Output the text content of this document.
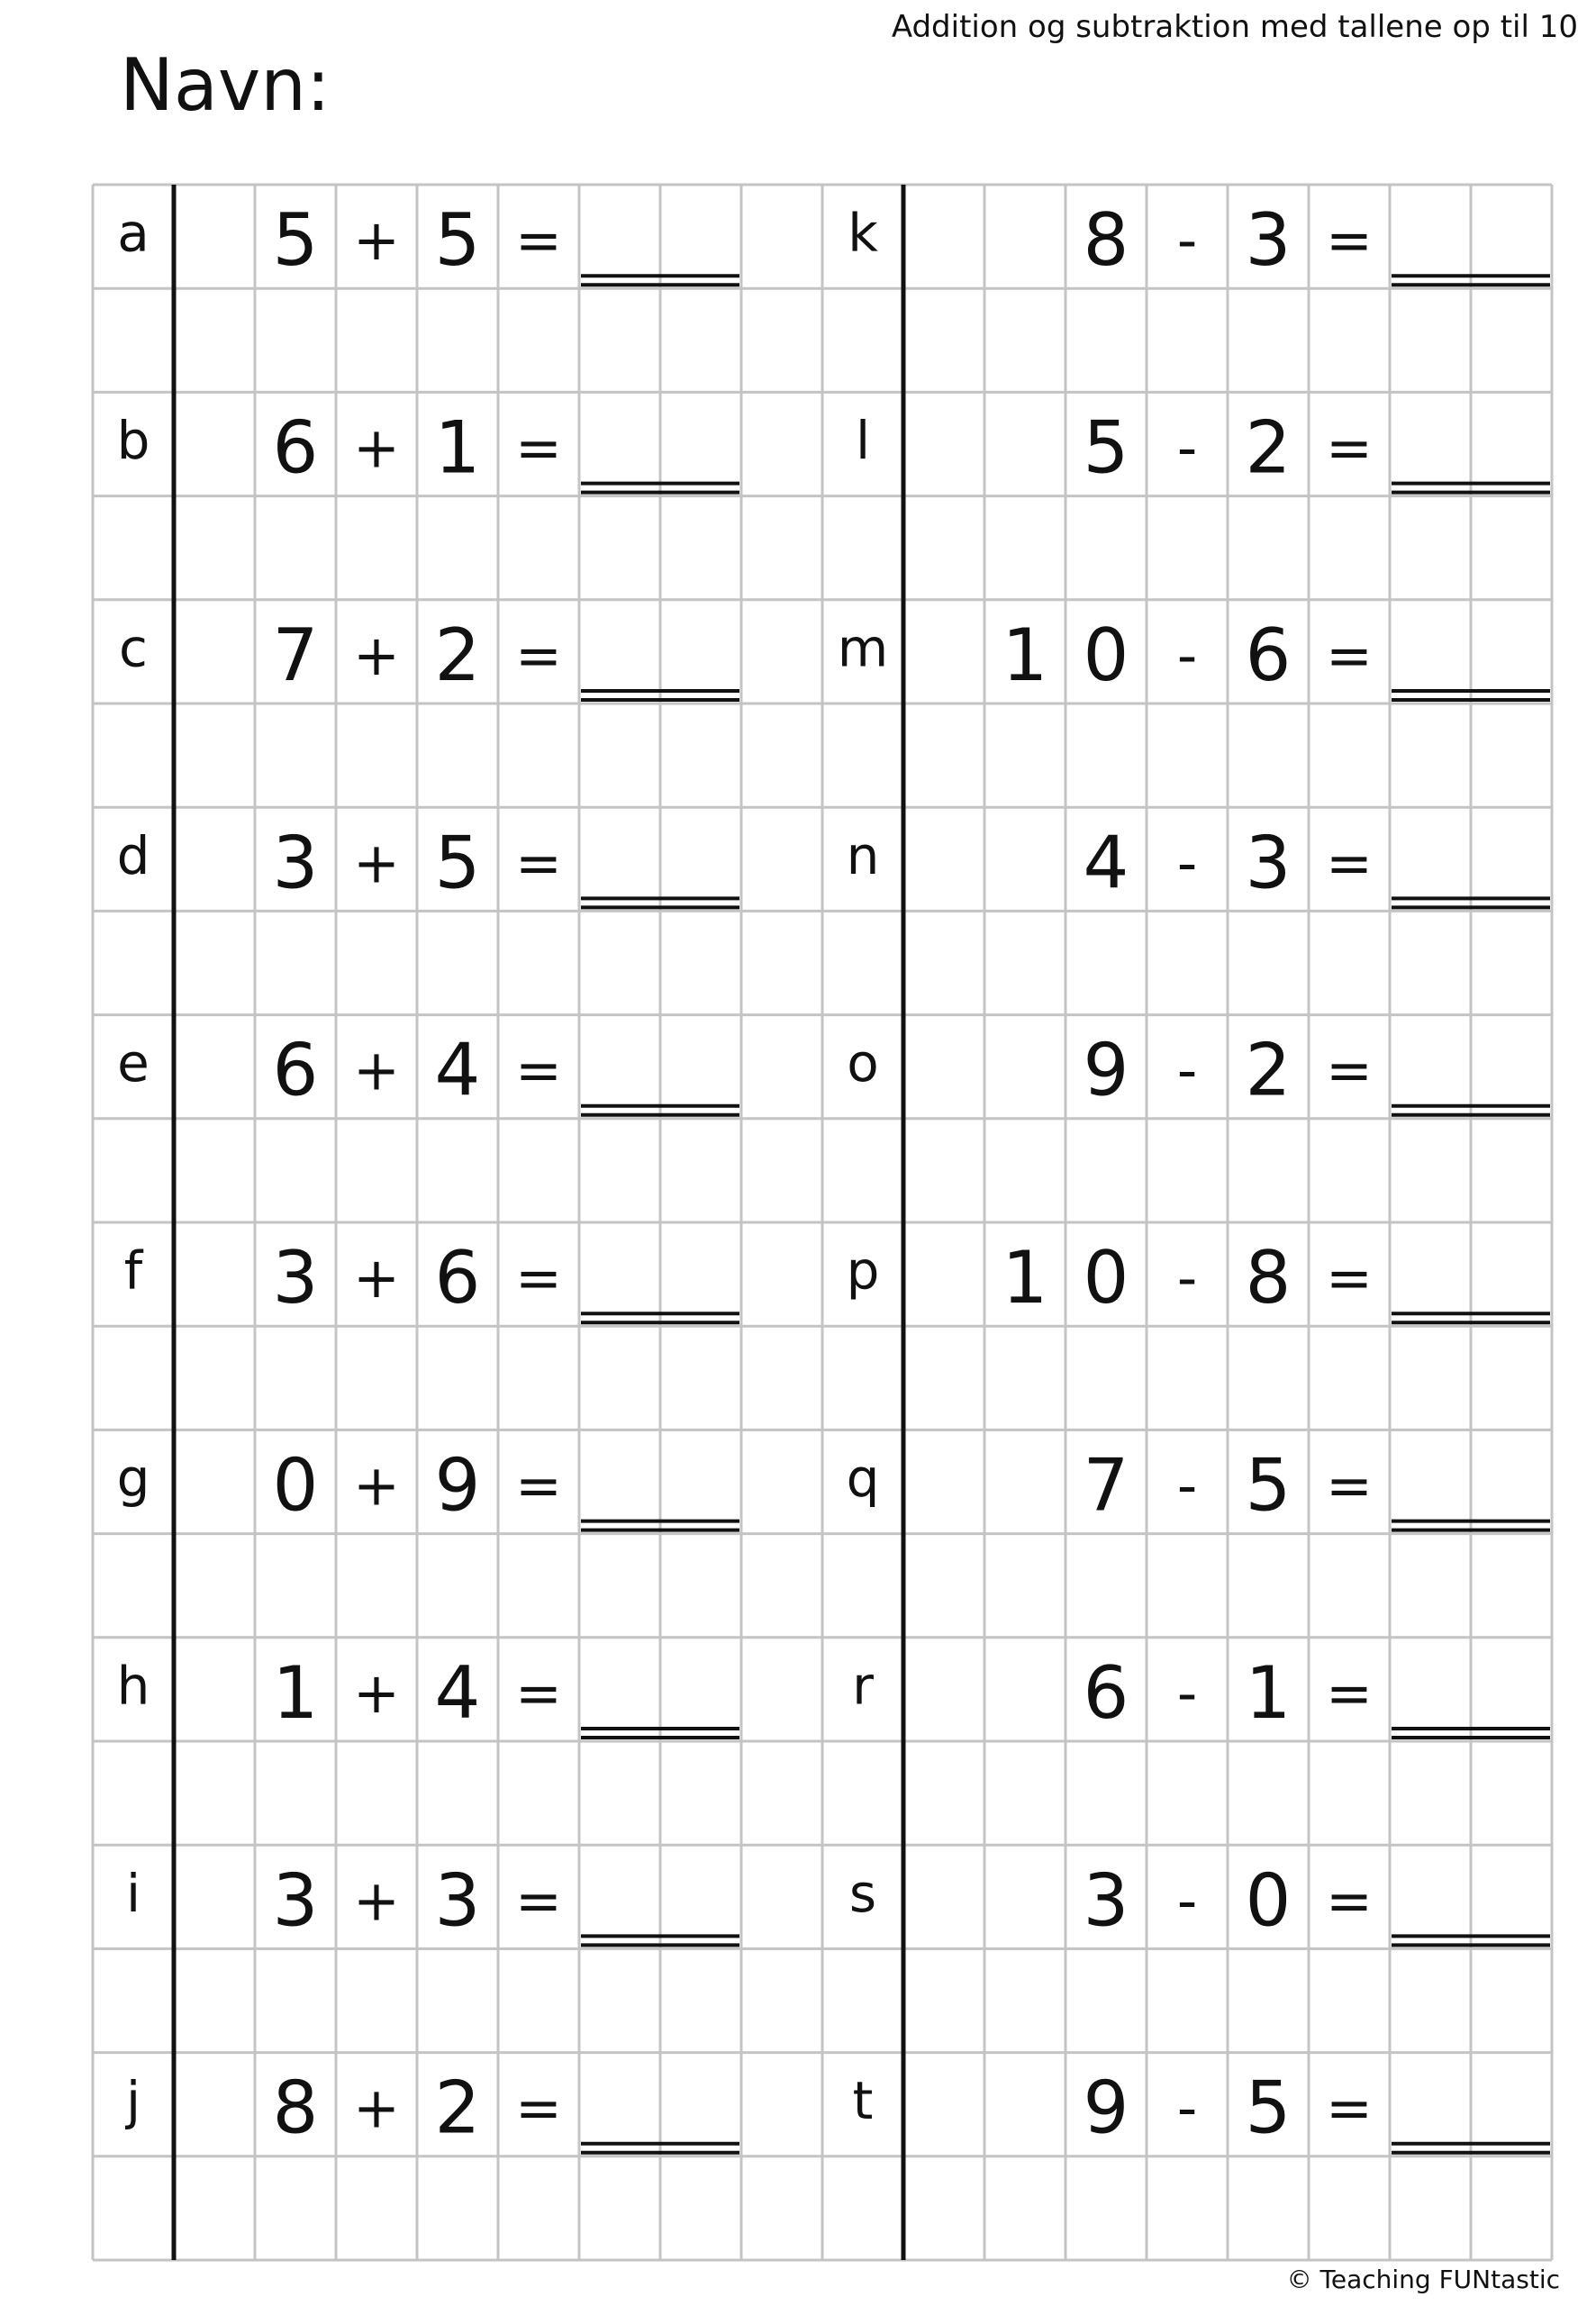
Addition og subtraktion med tallene op til 10
Navn:
a 5 + 5 =
b 6 + 1 =
c 7 + 2 =
d 3 + 5 =
e 6 + 4 =
f 3 + 6 =
g 0 + 9 =
h 1 + 4 =
i 3 + 3 =
j 8 + 2 =
k	8 - 3 =
l	5 - 2 =
m 1 0 - 6 =
n	4 - 3 =
o	9 - 2 =
p 1 0 - 8 =
q	7 - 5 =
r	6 - 1 =
s	3 - 0 =
t	9 - 5 =
© Teaching FUNtastic
